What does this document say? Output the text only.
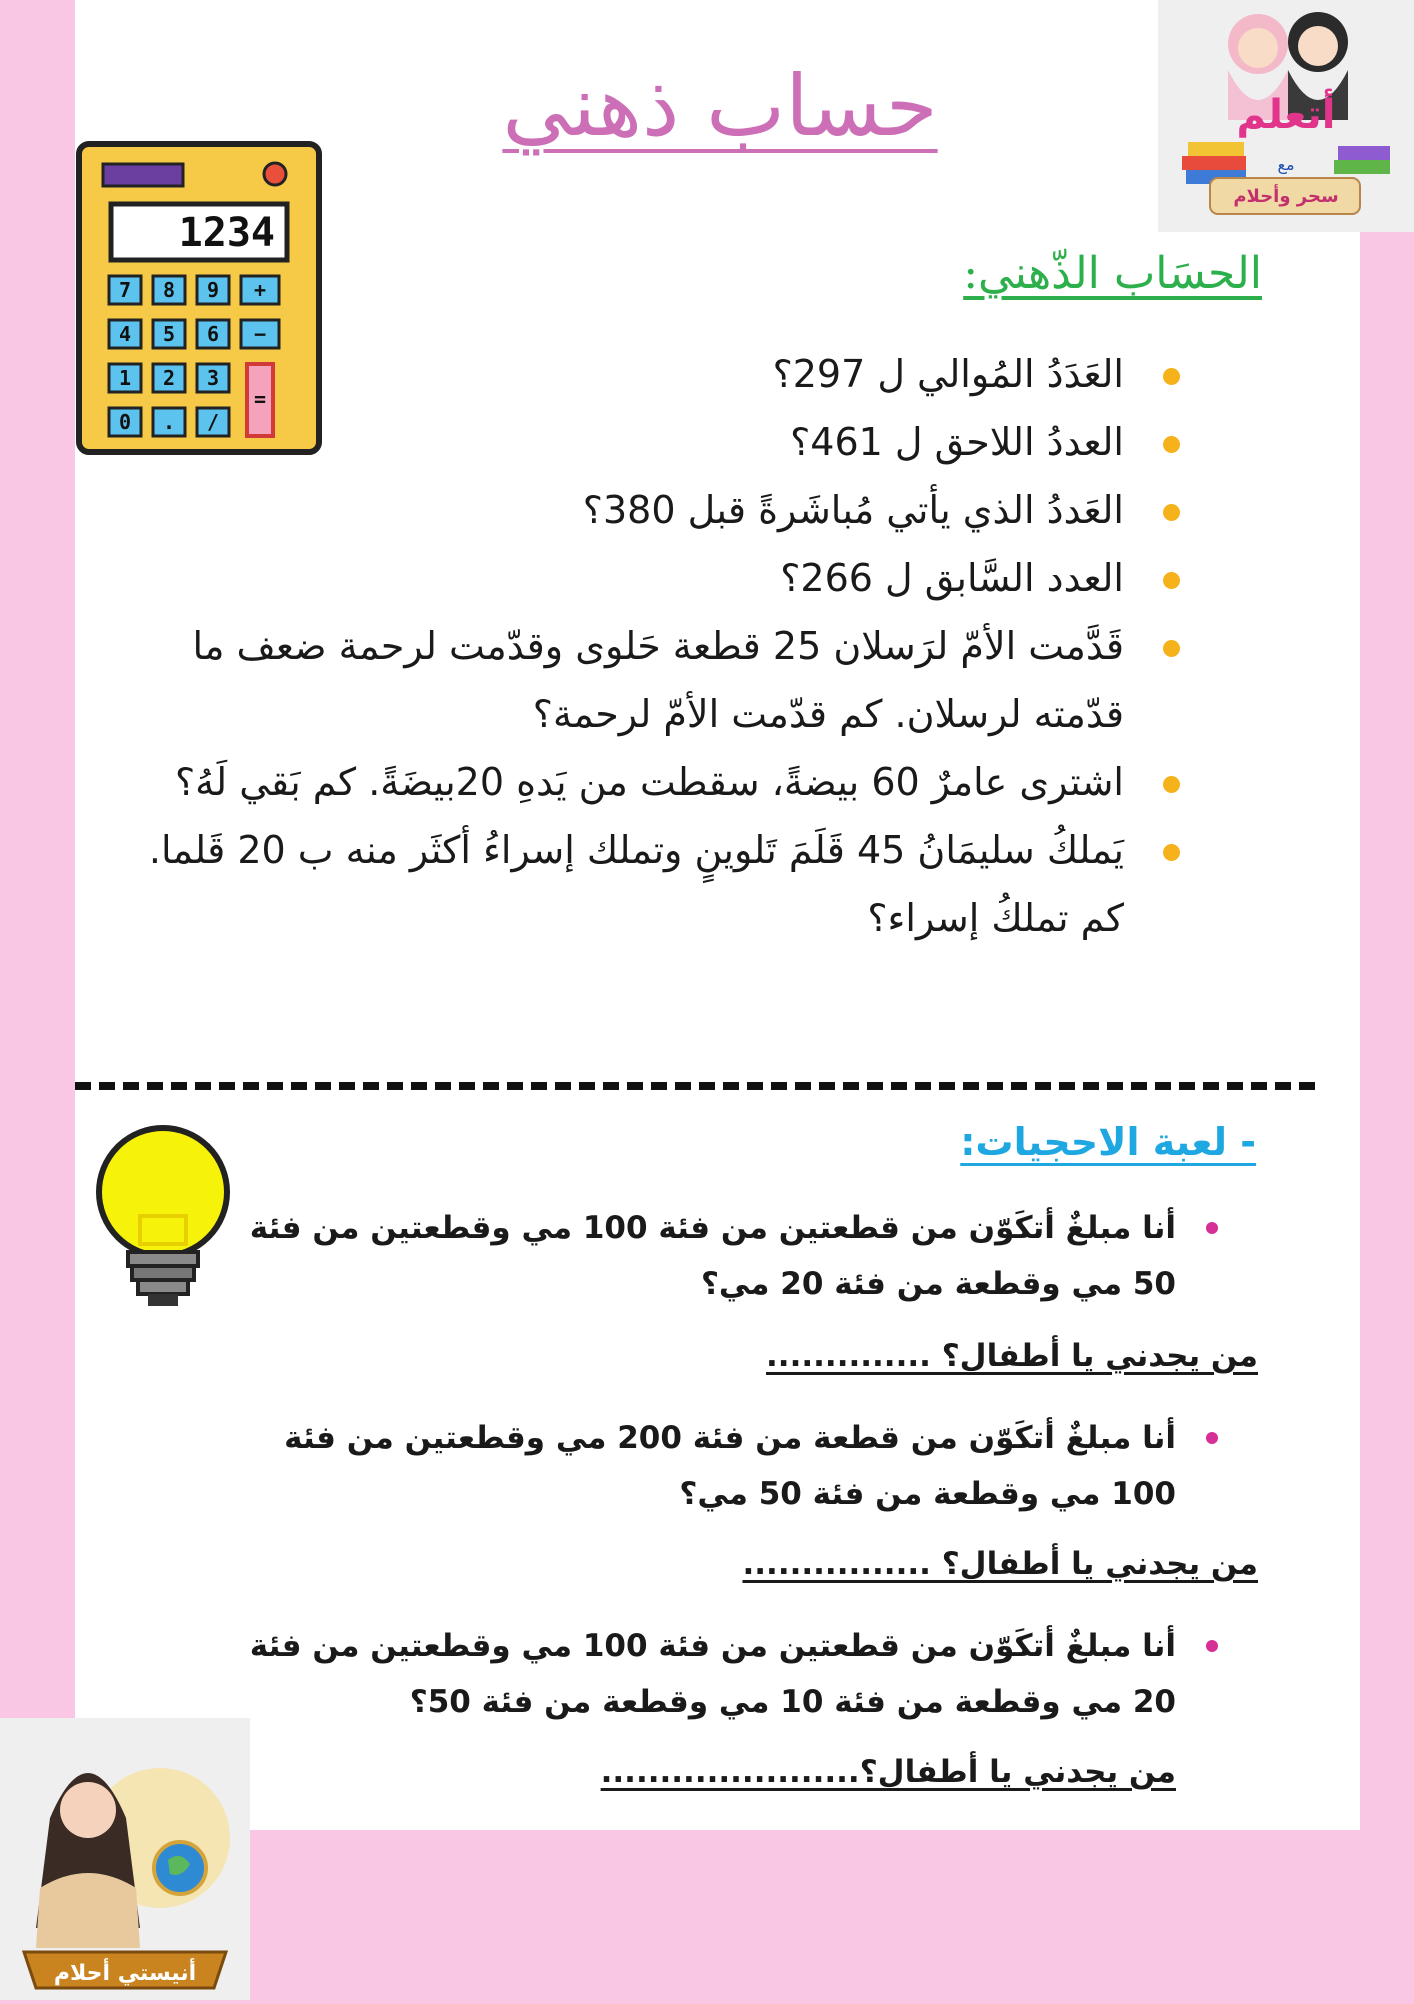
حساب ذهني	أتعلم
مع
سحر وأحلام
1234
7 8 9 +
4 5 6 −
1 2 3
=
0 . /
الحسَاب الذّهني:
العَدَدُ المُوالي ل 297؟
العددُ اللاحق ل 461؟
العَددُ الذي يأتي مُباشَرةً قبل 380؟
العدد السَّابق ل 266؟
قَدَّمت الأمّ لرَسلان 25 قطعة حَلوى وقدّمت لرحمة ضعف ما قدّمته لرسلان. كم قدّمت الأمّ لرحمة؟
اشترى عامرٌ 60 بيضةً، سقطت من يَدهِ 20بيضَةً. كم بَقي لَهُ؟
يَملكُ سليمَانُ 45 قَلَمَ تَلوينٍ وتملك إسراءُ أكثَر منه ب 20 قَلما. كم تملكُ إسراء؟
- لعبة الاحجيات:
أنا مبلغٌ أتكَوّن من قطعتين من فئة 100 مي وقطعتين من فئة 50 مي وقطعة من فئة 20 مي؟
من يجدني يا أطفال؟ ..............
أنا مبلغٌ أتكَوّن من قطعة من فئة 200 مي وقطعتين من فئة 100 مي وقطعة من فئة 50 مي؟
من يجدني يا أطفال؟ ................
أنا مبلغٌ أتكَوّن من قطعتين من فئة 100 مي وقطعتين من فئة 20 مي وقطعة من فئة 10 مي وقطعة من فئة 50؟
من يجدني يا أطفال؟......................
أنيستي أحلام
